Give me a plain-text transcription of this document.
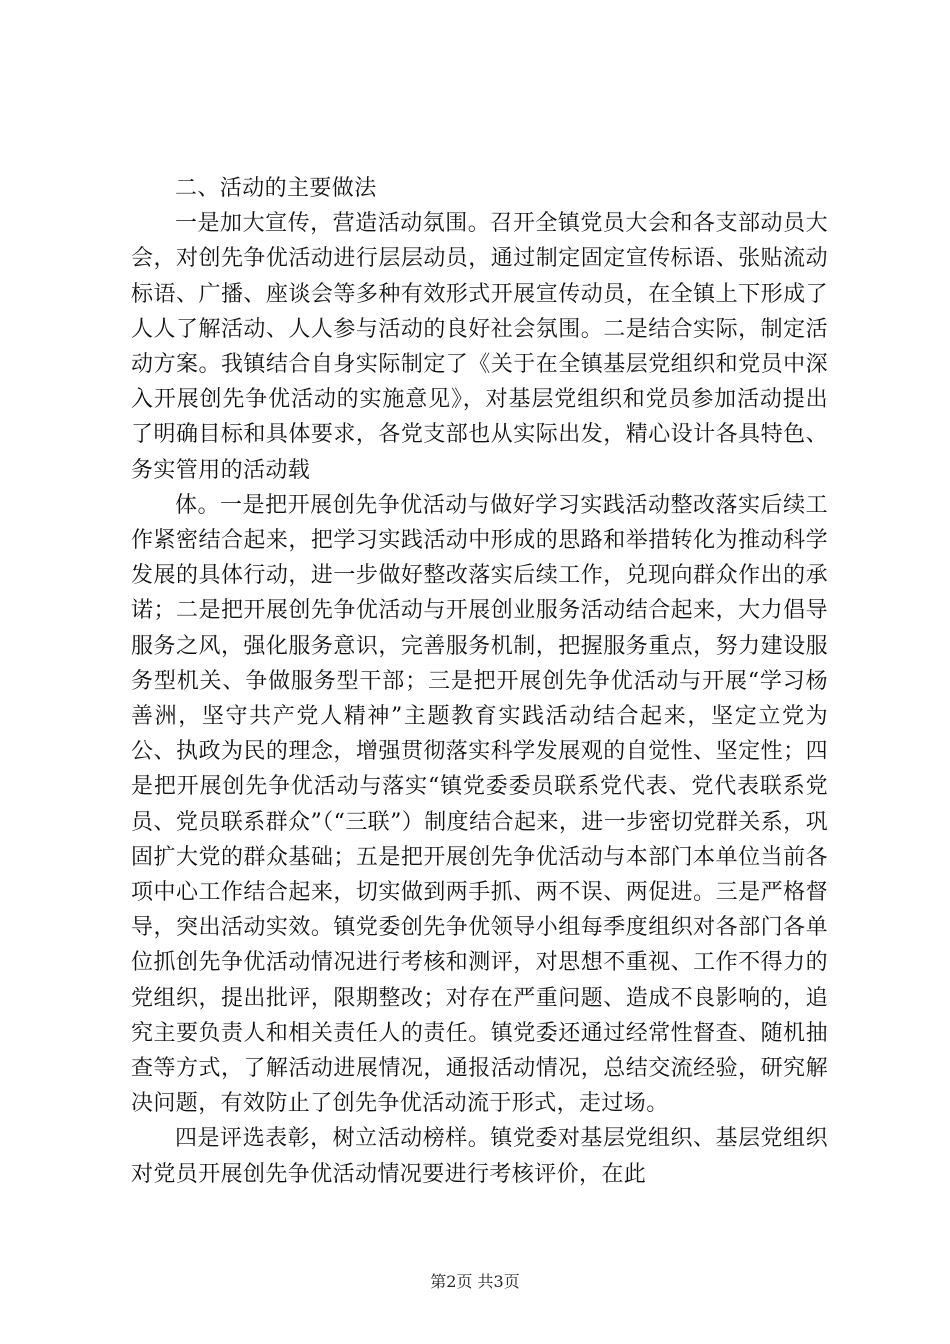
二、活动的主要做法

一是加大宣传，营造活动氛围。召开全镇党员大会和各支部动员大会，对创先争优活动进行层层动员，通过制定固定宣传标语、张贴流动标语、广播、座谈会等多种有效形式开展宣传动员，在全镇上下形成了人人了解活动、人人参与活动的良好社会氛围。二是结合实际，制定活动方案。我镇结合自身实际制定了《关于在全镇基层党组织和党员中深入开展创先争优活动的实施意见》，对基层党组织和党员参加活动提出了明确目标和具体要求，各党支部也从实际出发，精心设计各具特色、务实管用的活动载

体。一是把开展创先争优活动与做好学习实践活动整改落实后续工作紧密结合起来，把学习实践活动中形成的思路和举措转化为推动科学发展的具体行动，进一步做好整改落实后续工作，兑现向群众作出的承诺；二是把开展创先争优活动与开展创业服务活动结合起来，大力倡导服务之风，强化服务意识，完善服务机制，把握服务重点，努力建设服务型机关、争做服务型干部；三是把开展创先争优活动与开展“学习杨善洲，坚守共产党人精神”主题教育实践活动结合起来，坚定立党为公、执政为民的理念，增强贯彻落实科学发展观的自觉性、坚定性；四是把开展创先争优活动与落实“镇党委委员联系党代表、党代表联系党员、党员联系群众”（“三联”）制度结合起来，进一步密切党群关系，巩固扩大党的群众基础；五是把开展创先争优活动与本部门本单位当前各项中心工作结合起来，切实做到两手抓、两不误、两促进。三是严格督导，突出活动实效。镇党委创先争优领导小组每季度组织对各部门各单位抓创先争优活动情况进行考核和测评，对思想不重视、工作不得力的党组织，提出批评，限期整改；对存在严重问题、造成不良影响的，追究主要负责人和相关责任人的责任。镇党委还通过经常性督查、随机抽查等方式，了解活动进展情况，通报活动情况，总结交流经验，研究解决问题，有效防止了创先争优活动流于形式，走过场。

四是评选表彰，树立活动榜样。镇党委对基层党组织、基层党组织对党员开展创先争优活动情况要进行考核评价，在此

第2页 共3页
